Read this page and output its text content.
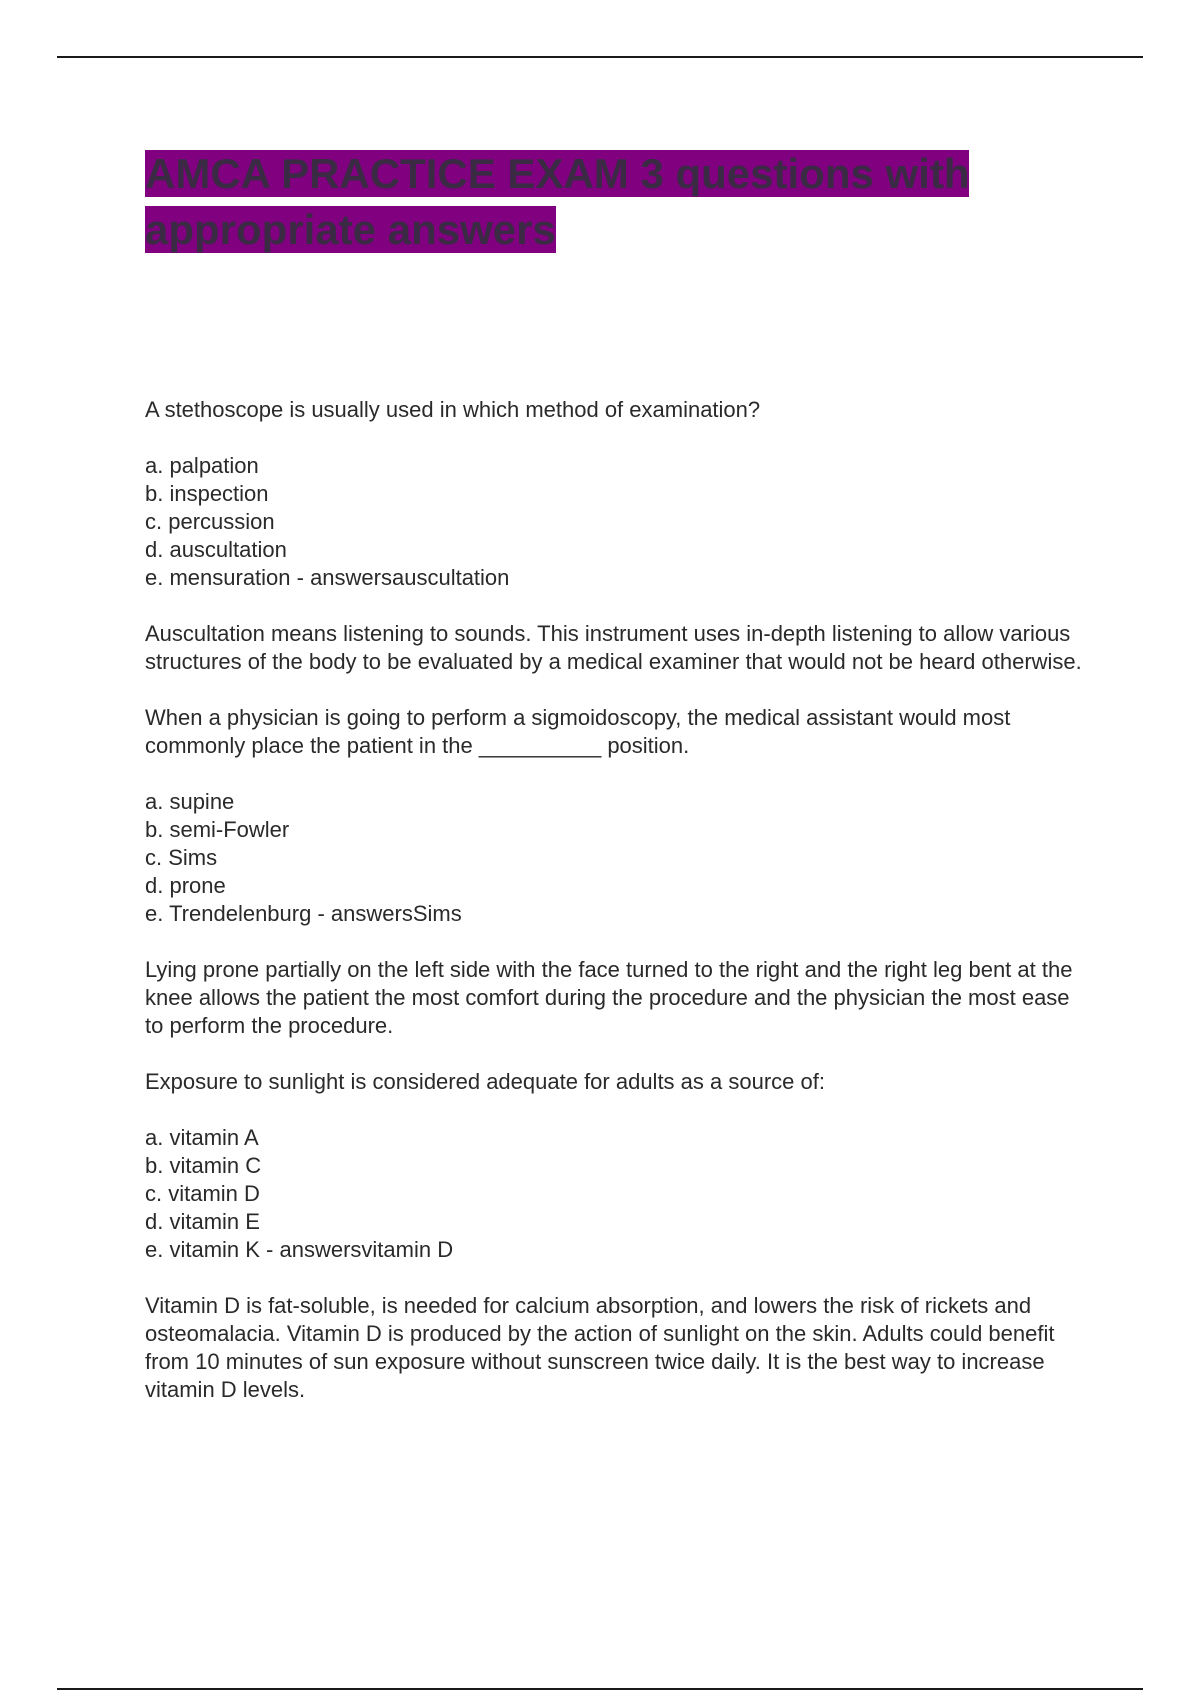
AMCA PRACTICE EXAM 3 questions with appropriate answers

A stethoscope is usually used in which method of examination?

a. palpation
b. inspection
c. percussion
d. auscultation
e. mensuration - answersauscultation

Auscultation means listening to sounds. This instrument uses in-depth listening to allow various structures of the body to be evaluated by a medical examiner that would not be heard otherwise.

When a physician is going to perform a sigmoidoscopy, the medical assistant would most commonly place the patient in the __________ position.

a. supine
b. semi-Fowler
c. Sims
d. prone
e. Trendelenburg - answersSims

Lying prone partially on the left side with the face turned to the right and the right leg bent at the knee allows the patient the most comfort during the procedure and the physician the most ease to perform the procedure.

Exposure to sunlight is considered adequate for adults as a source of:

a. vitamin A
b. vitamin C
c. vitamin D
d. vitamin E
e. vitamin K - answersvitamin D

Vitamin D is fat-soluble, is needed for calcium absorption, and lowers the risk of rickets and osteomalacia. Vitamin D is produced by the action of sunlight on the skin. Adults could benefit from 10 minutes of sun exposure without sunscreen twice daily. It is the best way to increase vitamin D levels.
